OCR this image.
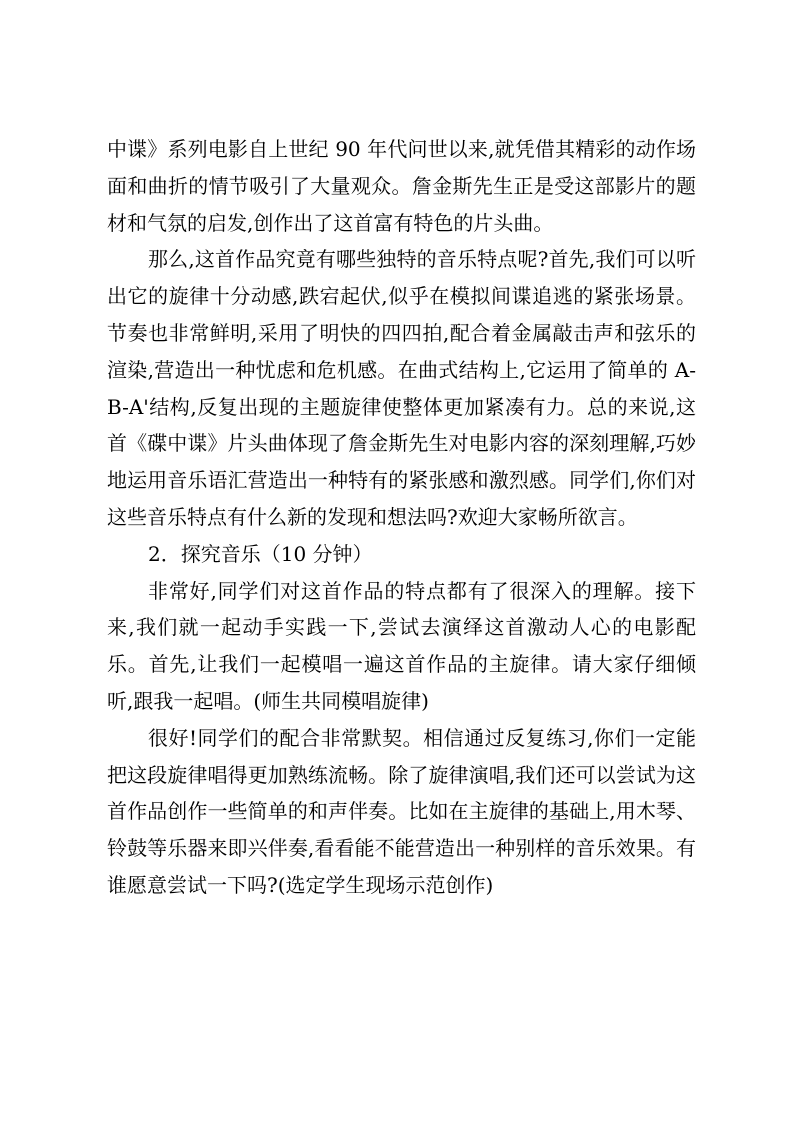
中谍》系列电影自上世纪 90 年代问世以来,就凭借其精彩的动作场面和曲折的情节吸引了大量观众。詹金斯先生正是受这部影片的题材和气氛的启发,创作出了这首富有特色的片头曲。

那么,这首作品究竟有哪些独特的音乐特点呢?首先,我们可以听出它的旋律十分动感,跌宕起伏,似乎在模拟间谍追逃的紧张场景。节奏也非常鲜明,采用了明快的四四拍,配合着金属敲击声和弦乐的渲染,营造出一种忧虑和危机感。在曲式结构上,它运用了简单的 A-B-A'结构,反复出现的主题旋律使整体更加紧凑有力。总的来说,这首《碟中谍》片头曲体现了詹金斯先生对电影内容的深刻理解,巧妙地运用音乐语汇营造出一种特有的紧张感和激烈感。同学们,你们对这些音乐特点有什么新的发现和想法吗?欢迎大家畅所欲言。

2．探究音乐（10 分钟）

非常好,同学们对这首作品的特点都有了很深入的理解。接下来,我们就一起动手实践一下,尝试去演绎这首激动人心的电影配乐。首先,让我们一起模唱一遍这首作品的主旋律。请大家仔细倾听,跟我一起唱。(师生共同模唱旋律)

很好!同学们的配合非常默契。相信通过反复练习,你们一定能把这段旋律唱得更加熟练流畅。除了旋律演唱,我们还可以尝试为这首作品创作一些简单的和声伴奏。比如在主旋律的基础上,用木琴、铃鼓等乐器来即兴伴奏,看看能不能营造出一种别样的音乐效果。有谁愿意尝试一下吗?(选定学生现场示范创作)
